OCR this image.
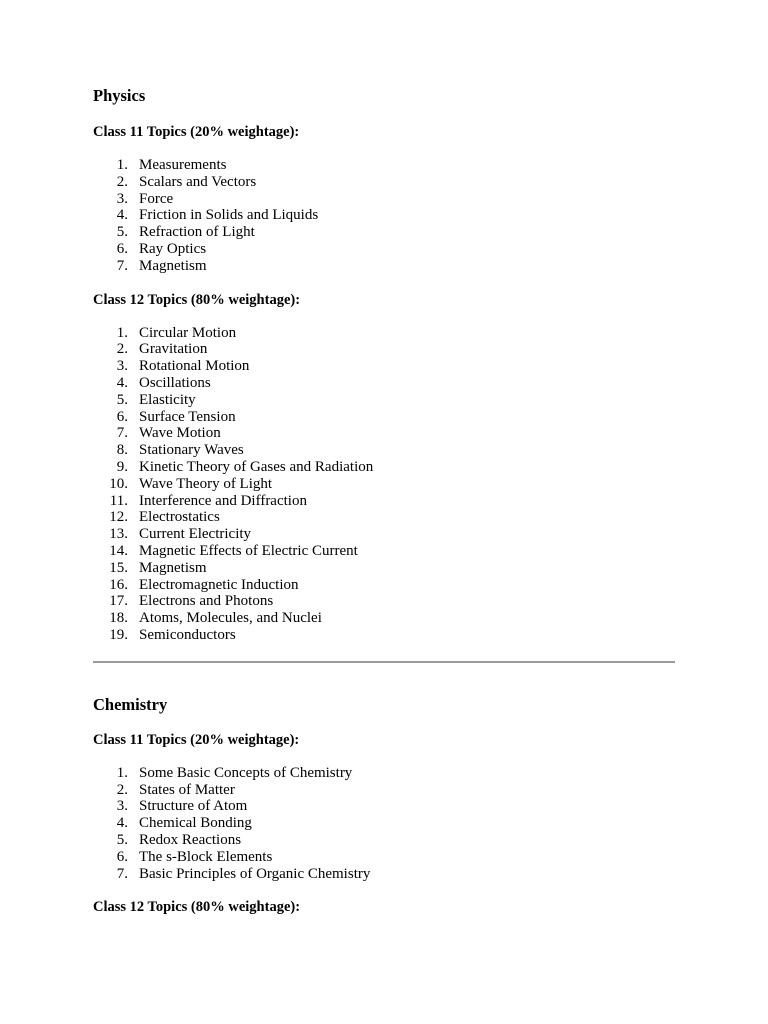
Physics
Class 11 Topics (20% weightage):
1. Measurements
2. Scalars and Vectors
3. Force
4. Friction in Solids and Liquids
5. Refraction of Light
6. Ray Optics
7. Magnetism
Class 12 Topics (80% weightage):
1. Circular Motion
2. Gravitation
3. Rotational Motion
4. Oscillations
5. Elasticity
6. Surface Tension
7. Wave Motion
8. Stationary Waves
9. Kinetic Theory of Gases and Radiation
10. Wave Theory of Light
11. Interference and Diffraction
12. Electrostatics
13. Current Electricity
14. Magnetic Effects of Electric Current
15. Magnetism
16. Electromagnetic Induction
17. Electrons and Photons
18. Atoms, Molecules, and Nuclei
19. Semiconductors
Chemistry
Class 11 Topics (20% weightage):
1. Some Basic Concepts of Chemistry
2. States of Matter
3. Structure of Atom
4. Chemical Bonding
5. Redox Reactions
6. The s-Block Elements
7. Basic Principles of Organic Chemistry
Class 12 Topics (80% weightage):
